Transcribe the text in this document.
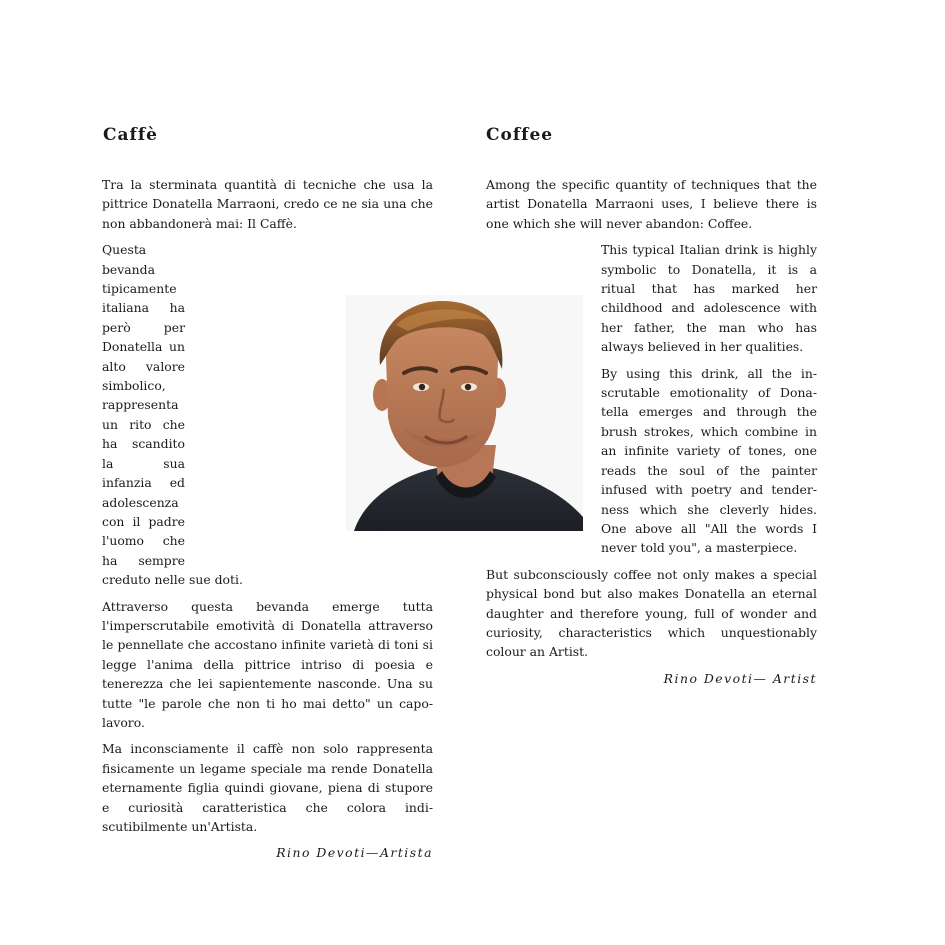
Caffè	Coffee

Tra la sterminata quantità di tecniche che usa la pittrice Donatella Marraoni, credo ce ne sia una che non abbandonerà mai: Il Caffè.

Questa bevanda tipicamente italiana ha però per Donatella un alto valore simbolico, rappresenta un rito che ha scandito la sua infanzia ed adolescenza con il padre l'uomo che ha sempre creduto nelle sue doti.

Attraverso questa bevanda emerge tutta l'imperscrutabile emotività di Donatella attraverso le pennellate che accostano infinite varietà di toni si legge l'anima della pittrice intriso di poesia e tenerezza che lei sapientemente nasconde. Una su tutte "le parole che non ti ho mai detto" un capolavoro.

Ma inconsciamente il caffè non solo rappresenta fisicamente un legame speciale ma rende Donatella eternamente figlia quindi giovane, piena di stupore e curiosità caratteristica che colora indiscutibilmente un'Artista.

Rino Devoti—Artista

Among the specific quantity of techniques that the artist Donatella Marraoni uses, I believe there is one which she will never abandon: Coffee.

This typical Italian drink is highly symbolic to Donatella, it is a ritual that has marked her childhood and adolescence with her father, the man who has always believed in her qualities.

By using this drink, all the inscrutable emotionality of Donatella emerges and through the brush strokes, which combine in an infinite variety of tones, one reads the soul of the painter infused with poetry and tenderness which she cleverly hides. One above all "All the words I never told you", a masterpiece.

But subconsciously coffee not only makes a special physical bond but also makes Donatella an eternal daughter and therefore young, full of wonder and curiosity, characteristics which unquestionably colour an Artist.

Rino Devoti— Artist
